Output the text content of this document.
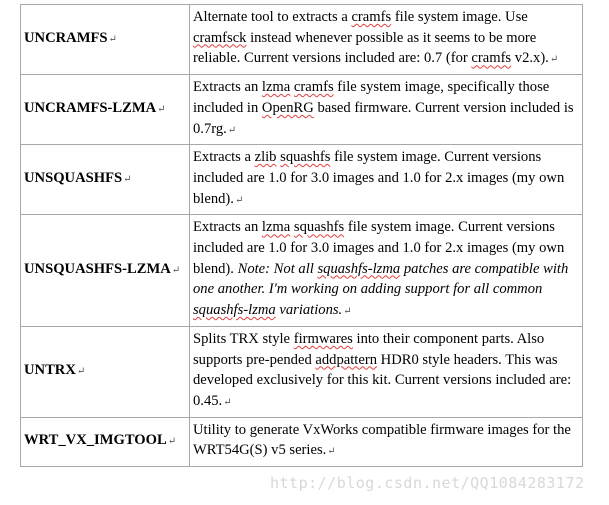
UNCRAMFS↵	Alternate tool to extracts a cramfs file system image. Use cramfsck instead whenever possible as it seems to be more reliable. Current versions included are: 0.7 (for cramfs v2.x).↵
UNCRAMFS-LZMA↵	Extracts an lzma cramfs file system image, specifically those included in OpenRG based firmware. Current version included is 0.7rg.↵
UNSQUASHFS↵	Extracts a zlib squashfs file system image. Current versions included are 1.0 for 3.0 images and 1.0 for 2.x images (my own blend).↵
UNSQUASHFS-LZMA↵	Extracts an lzma squashfs file system image. Current versions included are 1.0 for 3.0 images and 1.0 for 2.x images (my own blend). Note: Not all squashfs-lzma patches are compatible with one another. I'm working on adding support for all common squashfs-lzma variations.↵
UNTRX↵	Splits TRX style firmwares into their component parts. Also supports pre-pended addpattern HDR0 style headers. This was developed exclusively for this kit. Current versions included are: 0.45.↵
WRT_VX_IMGTOOL↵	Utility to generate VxWorks compatible firmware images for the WRT54G(S) v5 series.↵
http://blog.csdn.net/QQ1084283172
